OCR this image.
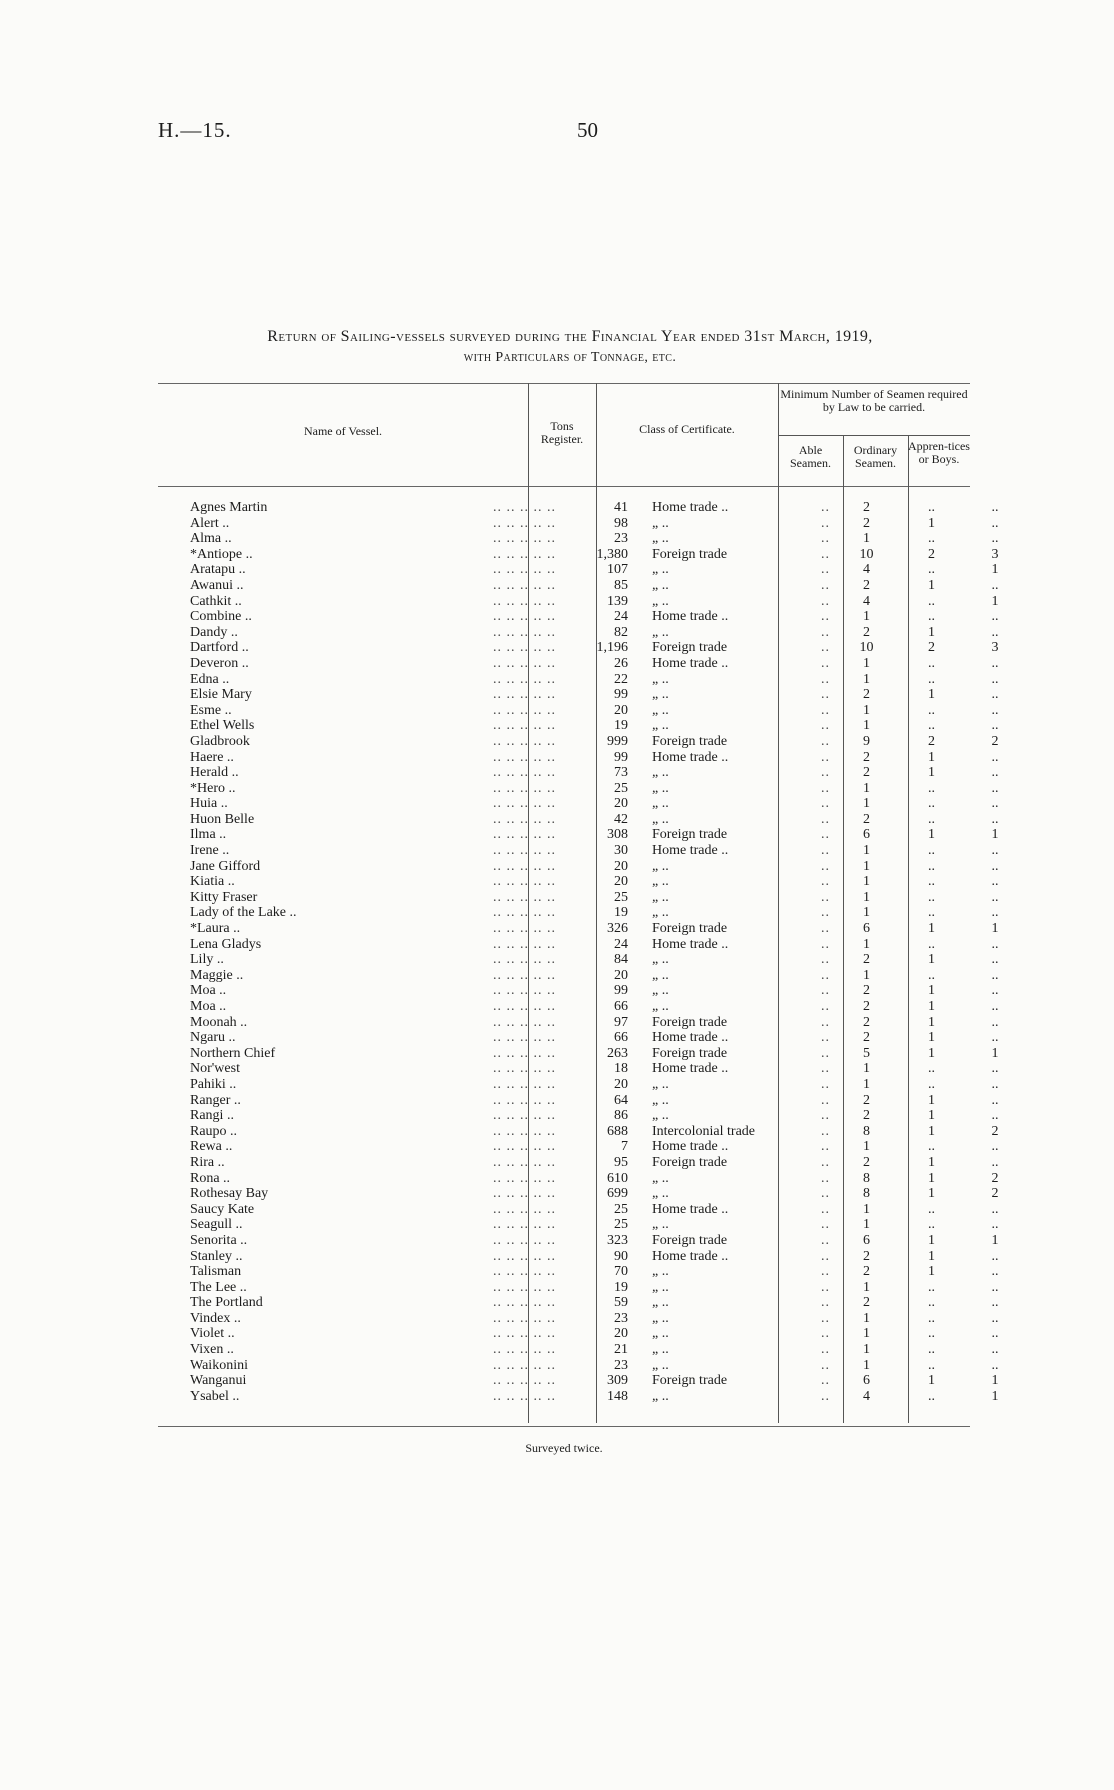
H.—15.	50
Return of Sailing-vessels surveyed during the Financial Year ended 31st March, 1919,
with Particulars of Tonnage, etc.
Name of Vessel.	Tons Register.
Class of Certificate.
Minimum Number of Seamen required by Law to be carried.
Able Seamen.
Ordinary Seamen.
Appren-tices or Boys.
Agnes Martin .. .. .. .. ..	41	Home trade .. ..	2	..	..
Alert .. .. .. .. .. ..	98	„ .. ..	2	1	..
Alma .. .. .. .. .. ..	23	„ .. ..	1	..	..
*Antiope .. .. .. .. .. ..	1,380	Foreign trade ..	10	2	3
Aratapu .. .. .. .. .. ..	107	„ .. ..	4	..	1
Awanui .. .. .. .. .. ..	85	„ .. ..	2	1	..
Cathkit .. .. .. .. .. ..	139	„ .. ..	4	..	1
Combine .. .. .. .. .. ..	24	Home trade .. ..	1	..	..
Dandy .. .. .. .. .. ..	82	„ .. ..	2	1	..
Dartford .. .. .. .. .. ..	1,196	Foreign trade ..	10	2	3
Deveron .. .. .. .. .. ..	26	Home trade .. ..	1	..	..
Edna .. .. .. .. .. ..	22	„ .. ..	1	..	..
Elsie Mary .. .. .. .. ..	99	„ .. ..	2	1	..
Esme .. .. .. .. .. ..	20	„ .. ..	1	..	..
Ethel Wells .. .. .. .. ..	19	„ .. ..	1	..	..
Gladbrook .. .. .. .. ..	999	Foreign trade ..	9	2	2
Haere .. .. .. .. .. ..	99	Home trade .. ..	2	1	..
Herald .. .. .. .. .. ..	73	„ .. ..	2	1	..
*Hero .. .. .. .. .. ..	25	„ .. ..	1	..	..
Huia .. .. .. .. .. ..	20	„ .. ..	1	..	..
Huon Belle .. .. .. .. ..	42	„ .. ..	2	..	..
Ilma .. .. .. .. .. ..	308	Foreign trade ..	6	1	1
Irene .. .. .. .. .. ..	30	Home trade .. ..	1	..	..
Jane Gifford .. .. .. .. ..	20	„ .. ..	1	..	..
Kiatia .. .. .. .. .. ..	20	„ .. ..	1	..	..
Kitty Fraser .. .. .. .. ..	25	„ .. ..	1	..	..
Lady of the Lake .. .. .. .. .. ..	19	„ .. ..	1	..	..
*Laura .. .. .. .. .. ..	326	Foreign trade ..	6	1	1
Lena Gladys .. .. .. .. ..	24	Home trade .. ..	1	..	..
Lily .. .. .. .. .. ..	84	„ .. ..	2	1	..
Maggie .. .. .. .. .. ..	20	„ .. ..	1	..	..
Moa .. .. .. .. .. ..	99	„ .. ..	2	1	..
Moa .. .. .. .. .. ..	66	„ .. ..	2	1	..
Moonah .. .. .. .. .. ..	97	Foreign trade ..	2	1	..
Ngaru .. .. .. .. .. ..	66	Home trade .. ..	2	1	..
Northern Chief .. .. .. .. ..	263	Foreign trade ..	5	1	1
Nor'west .. .. .. .. ..	18	Home trade .. ..	1	..	..
Pahiki .. .. .. .. .. ..	20	„ .. ..	1	..	..
Ranger .. .. .. .. .. ..	64	„ .. ..	2	1	..
Rangi .. .. .. .. .. ..	86	„ .. ..	2	1	..
Raupo .. .. .. .. .. ..	688	Intercolonial trade ..	8	1	2
Rewa .. .. .. .. .. ..	7	Home trade .. ..	1	..	..
Rira .. .. .. .. .. ..	95	Foreign trade ..	2	1	..
Rona .. .. .. .. .. ..	610	„ .. ..	8	1	2
Rothesay Bay .. .. .. .. ..	699	„ .. ..	8	1	2
Saucy Kate .. .. .. .. ..	25	Home trade .. ..	1	..	..
Seagull .. .. .. .. .. ..	25	„ .. ..	1	..	..
Senorita .. .. .. .. .. ..	323	Foreign trade ..	6	1	1
Stanley .. .. .. .. .. ..	90	Home trade .. ..	2	1	..
Talisman .. .. .. .. ..	70	„ .. ..	2	1	..
The Lee .. .. .. .. .. ..	19	„ .. ..	1	..	..
The Portland .. .. .. .. ..	59	„ .. ..	2	..	..
Vindex .. .. .. .. .. ..	23	„ .. ..	1	..	..
Violet .. .. .. .. .. ..	20	„ .. ..	1	..	..
Vixen .. .. .. .. .. ..	21	„ .. ..	1	..	..
Waikonini .. .. .. .. ..	23	„ .. ..	1	..	..
Wanganui .. .. .. .. ..	309	Foreign trade ..	6	1	1
Ysabel .. .. .. .. .. ..	148	„ .. ..	4	..	1
Surveyed twice.
